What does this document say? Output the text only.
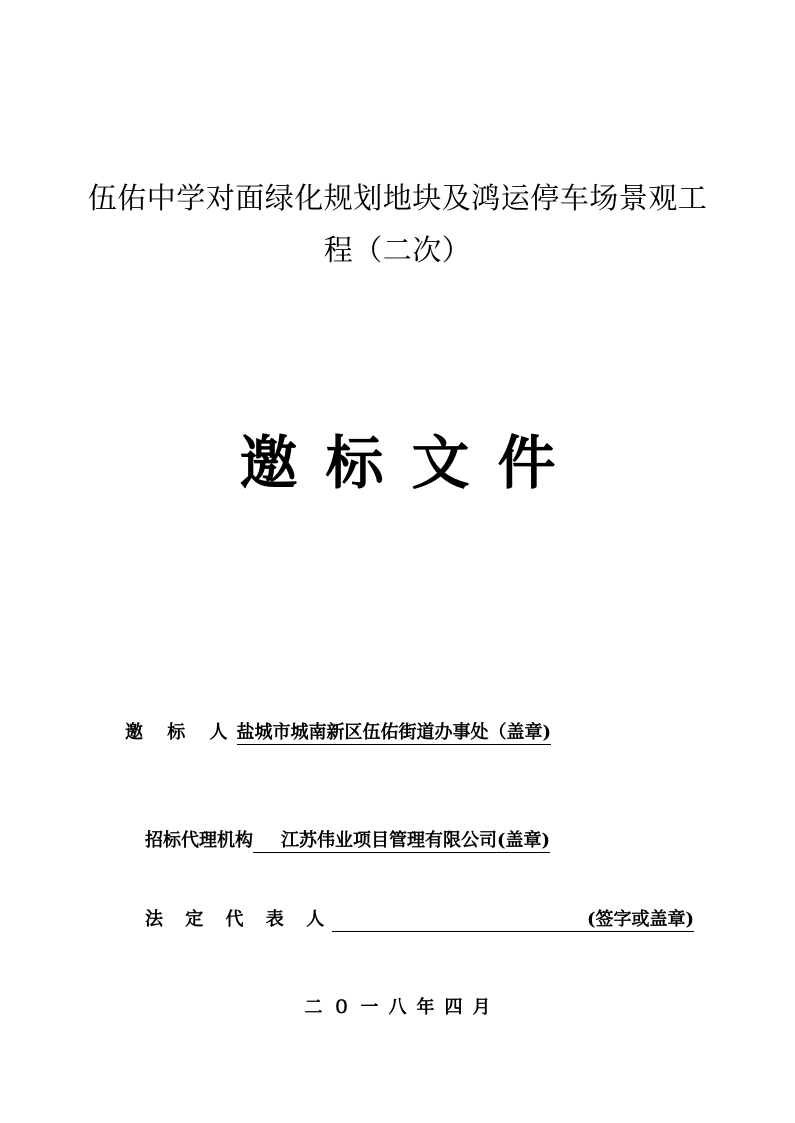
伍佑中学对面绿化规划地块及鸿运停车场景观工
程（二次）
邀标文件
邀 标 人盐城市城南新区伍佑街道办事处（盖章)
招标代理机构 江苏伟业项目管理有限公司(盖章)
法 定 代 表 人	(签字或盖章)
二０一八年四月
